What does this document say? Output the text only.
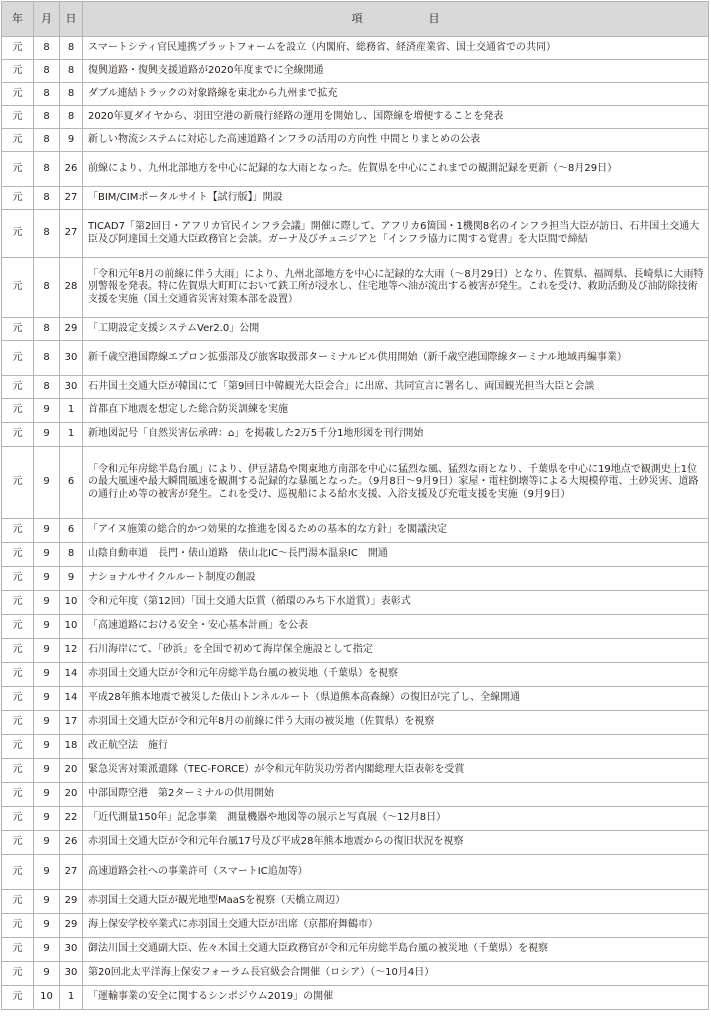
年	月	日	項　　　　　　目
元	8	8	スマートシティ官民連携プラットフォームを設立（内閣府、総務省、経済産業省、国土交通省での共同）
元	8	8	復興道路・復興支援道路が2020年度までに全線開通
元	8	8	ダブル連結トラックの対象路線を東北から九州まで拡充
元	8	8	2020年夏ダイヤから、羽田空港の新飛行経路の運用を開始し、国際線を増便することを発表
元	8	9	新しい物流システムに対応した高速道路インフラの活用の方向性 中間とりまとめの公表
元	8	26	前線により、九州北部地方を中心に記録的な大雨となった。佐賀県を中心にこれまでの観測記録を更新（～8月29日）
元	8	27	「BIM/CIMポータルサイト【試行版】」開設
元	8	27	TICAD7「第2回日・アフリカ官民インフラ会議」開催に際して、アフリカ6箇国・1機関8名のインフラ担当大臣が訪日、石井国土交通大臣及び阿達国土交通大臣政務官と会談。ガーナ及びチュニジアと「インフラ協力に関する覚書」を大臣間で締結
元	8	28	「令和元年8月の前線に伴う大雨」により、九州北部地方を中心に記録的な大雨（～8月29日）となり、佐賀県、福岡県、長崎県に大雨特別警報を発表。特に佐賀県大町町において鉄工所が浸水し、住宅地等へ油が流出する被害が発生。これを受け、救助活動及び油防除技術支援を実施（国土交通省災害対策本部を設置）
元	8	29	「工期設定支援システムVer2.0」公開
元	8	30	新千歳空港国際線エプロン拡張部及び旅客取扱部ターミナルビル供用開始（新千歳空港国際線ターミナル地域再編事業）
元	8	30	石井国土交通大臣が韓国にて「第9回日中韓観光大臣会合」に出席、共同宣言に署名し、両国観光担当大臣と会談
元	9	1	首都直下地震を想定した総合防災訓練を実施
元	9	1	新地図記号「自然災害伝承碑：⌂」を掲載した2万5千分1地形図を刊行開始
元	9	6	「令和元年房総半島台風」により、伊豆諸島や関東地方南部を中心に猛烈な風、猛烈な雨となり、千葉県を中心に19地点で観測史上1位の最大風速や最大瞬間風速を観測する記録的な暴風となった。（9月8日～9月9日）家屋・電柱倒壊等による大規模停電、土砂災害、道路の通行止め等の被害が発生。これを受け、巡視船による給水支援、入浴支援及び充電支援を実施（9月9日）
元	9	6	「アイヌ施策の総合的かつ効果的な推進を図るための基本的な方針」を閣議決定
元	9	8	山陰自動車道　長門・俵山道路　俵山北IC～長門湯本温泉IC　開通
元	9	9	ナショナルサイクルルート制度の創設
元	9	10	令和元年度（第12回）「国土交通大臣賞（循環のみち下水道賞）」表彰式
元	9	10	「高速道路における安全・安心基本計画」を公表
元	9	12	石川海岸にて、「砂浜」を全国で初めて海岸保全施設として指定
元	9	14	赤羽国土交通大臣が令和元年房総半島台風の被災地（千葉県）を視察
元	9	14	平成28年熊本地震で被災した俵山トンネルルート（県道熊本高森線）の復旧が完了し、全線開通
元	9	17	赤羽国土交通大臣が令和元年8月の前線に伴う大雨の被災地（佐賀県）を視察
元	9	18	改正航空法　施行
元	9	20	緊急災害対策派遣隊（TEC-FORCE）が令和元年防災功労者内閣総理大臣表彰を受賞
元	9	20	中部国際空港　第2ターミナルの供用開始
元	9	22	「近代測量150年」記念事業　測量機器や地図等の展示と写真展（～12月8日）
元	9	26	赤羽国土交通大臣が令和元年台風17号及び平成28年熊本地震からの復旧状況を視察
元	9	27	高速道路会社への事業許可（スマートIC追加等）
元	9	29	赤羽国土交通大臣が観光地型MaaSを視察（天橋立周辺）
元	9	29	海上保安学校卒業式に赤羽国土交通大臣が出席（京都府舞鶴市）
元	9	30	御法川国土交通副大臣、佐々木国土交通大臣政務官が令和元年房総半島台風の被災地（千葉県）を視察
元	9	30	第20回北太平洋海上保安フォーラム長官級会合開催（ロシア）（～10月4日）
元	10	1	「運輸事業の安全に関するシンポジウム2019」の開催
